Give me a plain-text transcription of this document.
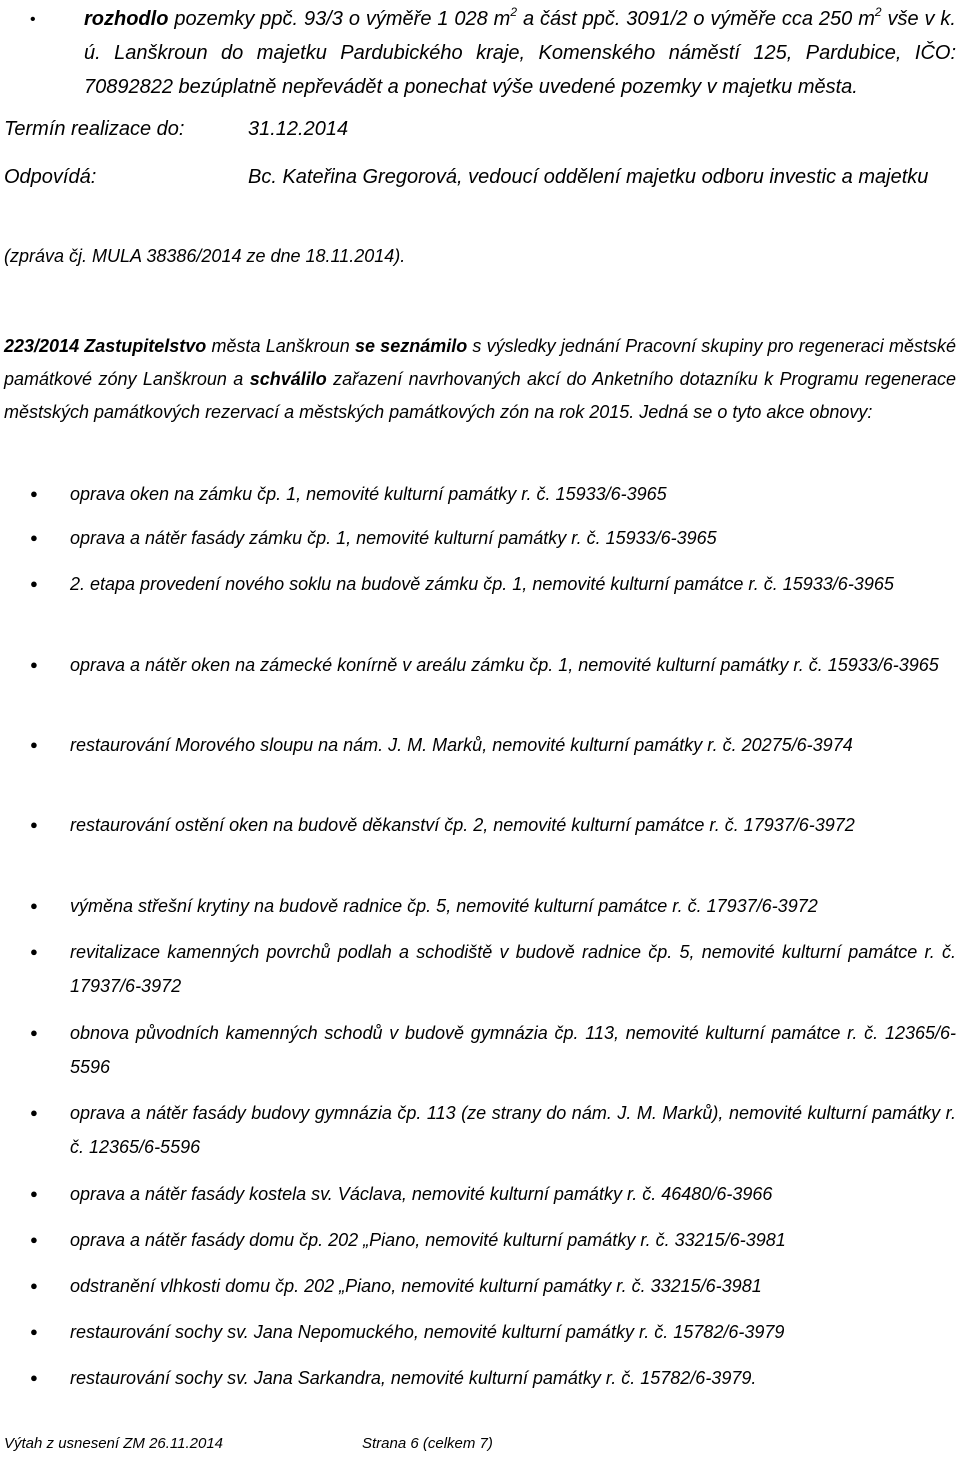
• rozhodlo pozemky ppč. 93/3 o výměře 1 028 $m^2$ a část ppč. 3091/2 o výměře cca 250 $m^2$ vše v k. ú. Lanškroun do majetku Pardubického kraje, Komenského náměstí 125, Pardubice, IČO: 70892822 bezúplatně nepřevádět a ponechat výše uvedené pozemky v majetku města.
Termín realizace do:	31.12.2014
Odpovídá:	Bc. Kateřina Gregorová, vedoucí oddělení majetku odboru investic a majetku
(zpráva čj. MULA 38386/2014 ze dne 18.11.2014).
223/2014 Zastupitelstvo města Lanškroun se seznámilo s výsledky jednání Pracovní skupiny pro regeneraci městské památkové zóny Lanškroun a schválilo zařazení navrhovaných akcí do Anketního dotazníku k Programu regenerace městských památkových rezervací a městských památkových zón na rok 2015. Jedná se o tyto akce obnovy:
● oprava oken na zámku čp. 1, nemovité kulturní památky r. č. 15933/6-3965
● oprava a nátěr fasády zámku čp. 1, nemovité kulturní památky r. č. 15933/6-3965
● 2. etapa provedení nového soklu na budově zámku čp. 1, nemovité kulturní památce r. č. 15933/6-3965
● oprava a nátěr oken na zámecké konírně v areálu zámku čp. 1, nemovité kulturní památky r. č. 15933/6-3965
● restaurování Morového sloupu na nám. J. M. Marků, nemovité kulturní památky r. č. 20275/6-3974
● restaurování ostění oken na budově děkanství čp. 2, nemovité kulturní památce r. č. 17937/6-3972
● výměna střešní krytiny na budově radnice čp. 5, nemovité kulturní památce r. č. 17937/6-3972
● revitalizace kamenných povrchů podlah a schodiště v budově radnice čp. 5, nemovité kulturní památce r. č. 17937/6-3972
● obnova původních kamenných schodů v budově gymnázia čp. 113, nemovité kulturní památce r. č. 12365/6-5596
● oprava a nátěr fasády budovy gymnázia čp. 113 (ze strany do nám. J. M. Marků), nemovité kulturní památky r. č. 12365/6-5596
● oprava a nátěr fasády kostela sv. Václava, nemovité kulturní památky r. č. 46480/6-3966
● oprava a nátěr fasády domu čp. 202 „Piano, nemovité kulturní památky r. č. 33215/6-3981
● odstranění vlhkosti domu čp. 202 „Piano, nemovité kulturní památky r. č. 33215/6-3981
● restaurování sochy sv. Jana Nepomuckého, nemovité kulturní památky r. č. 15782/6-3979
● restaurování sochy sv. Jana Sarkandra, nemovité kulturní památky r. č. 15782/6-3979.
Výtah z usnesení ZM 26.11.2014	Strana 6 (celkem 7)
